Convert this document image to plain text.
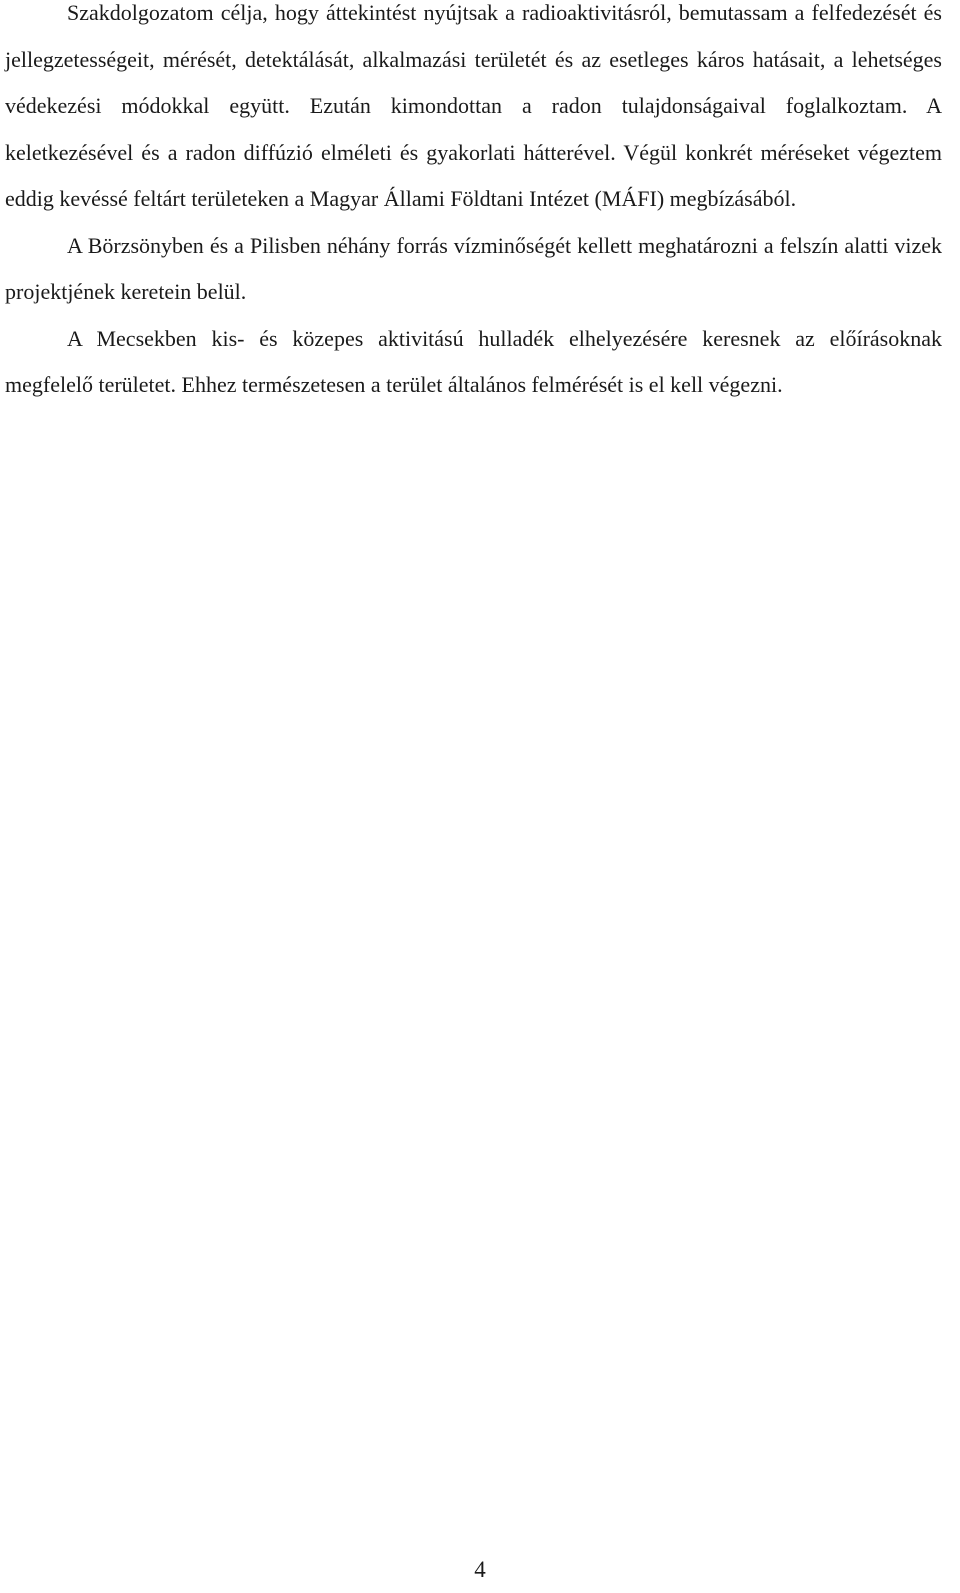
Szakdolgozatom célja, hogy áttekintést nyújtsak a radioaktivitásról, bemutassam a felfedezését és jellegzetességeit, mérését, detektálását, alkalmazási területét és az esetleges káros hatásait, a lehetséges védekezési módokkal együtt. Ezután kimondottan a radon tulajdonságaival foglalkoztam. A keletkezésével és a radon diffúzió elméleti és gyakorlati hátterével. Végül konkrét méréseket végeztem eddig kevéssé feltárt területeken a Magyar Állami Földtani Intézet (MÁFI) megbízásából.

A Börzsönyben és a Pilisben néhány forrás vízminőségét kellett meghatározni a felszín alatti vizek projektjének keretein belül.

A Mecsekben kis- és közepes aktivitású hulladék elhelyezésére keresnek az előírásoknak megfelelő területet. Ehhez természetesen a terület általános felmérését is el kell végezni.

4
